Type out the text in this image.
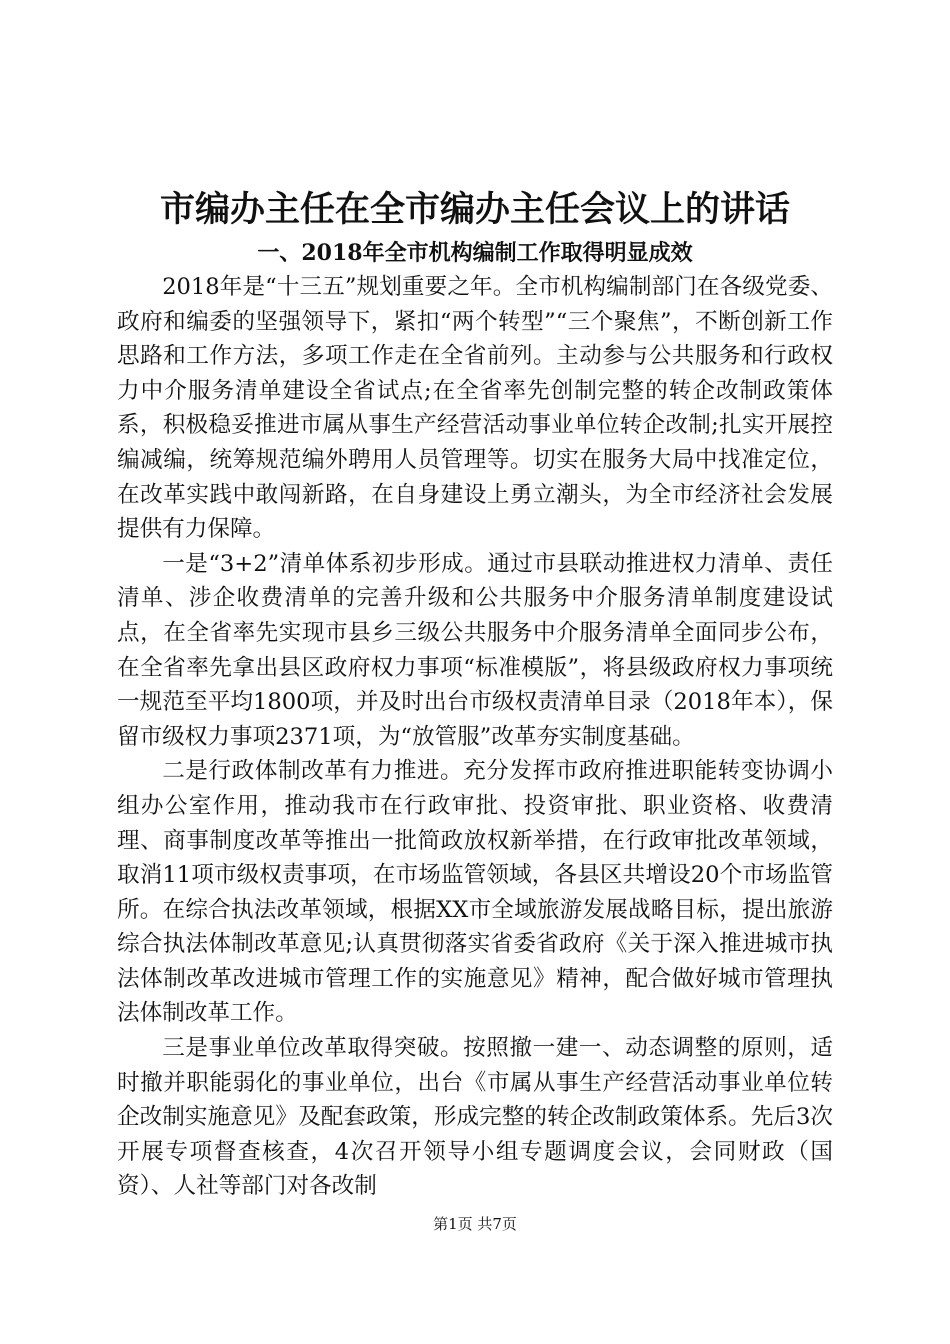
市编办主任在全市编办主任会议上的讲话
一、2018年全市机构编制工作取得明显成效

2018年是“十三五”规划重要之年。全市机构编制部门在各级党委、政府和编委的坚强领导下，紧扣“两个转型”“三个聚焦”，不断创新工作思路和工作方法，多项工作走在全省前列。主动参与公共服务和行政权力中介服务清单建设全省试点;在全省率先创制完整的转企改制政策体系，积极稳妥推进市属从事生产经营活动事业单位转企改制;扎实开展控编减编，统筹规范编外聘用人员管理等。切实在服务大局中找准定位，在改革实践中敢闯新路，在自身建设上勇立潮头，为全市经济社会发展提供有力保障。

一是“3+2”清单体系初步形成。通过市县联动推进权力清单、责任清单、涉企收费清单的完善升级和公共服务中介服务清单制度建设试点，在全省率先实现市县乡三级公共服务中介服务清单全面同步公布，在全省率先拿出县区政府权力事项“标准模版”，将县级政府权力事项统一规范至平均1800项，并及时出台市级权责清单目录（2018年本），保留市级权力事项2371项，为“放管服”改革夯实制度基础。

二是行政体制改革有力推进。充分发挥市政府推进职能转变协调小组办公室作用，推动我市在行政审批、投资审批、职业资格、收费清理、商事制度改革等推出一批简政放权新举措，在行政审批改革领域，取消11项市级权责事项，在市场监管领域，各县区共增设20个市场监管所。在综合执法改革领域，根据XX市全域旅游发展战略目标，提出旅游综合执法体制改革意见;认真贯彻落实省委省政府《关于深入推进城市执法体制改革改进城市管理工作的实施意见》精神，配合做好城市管理执法体制改革工作。

三是事业单位改革取得突破。按照撤一建一、动态调整的原则，适时撤并职能弱化的事业单位，出台《市属从事生产经营活动事业单位转企改制实施意见》及配套政策，形成完整的转企改制政策体系。先后3次开展专项督查核查，4次召开领导小组专题调度会议，会同财政（国资）、人社等部门对各改制

第1页 共7页
